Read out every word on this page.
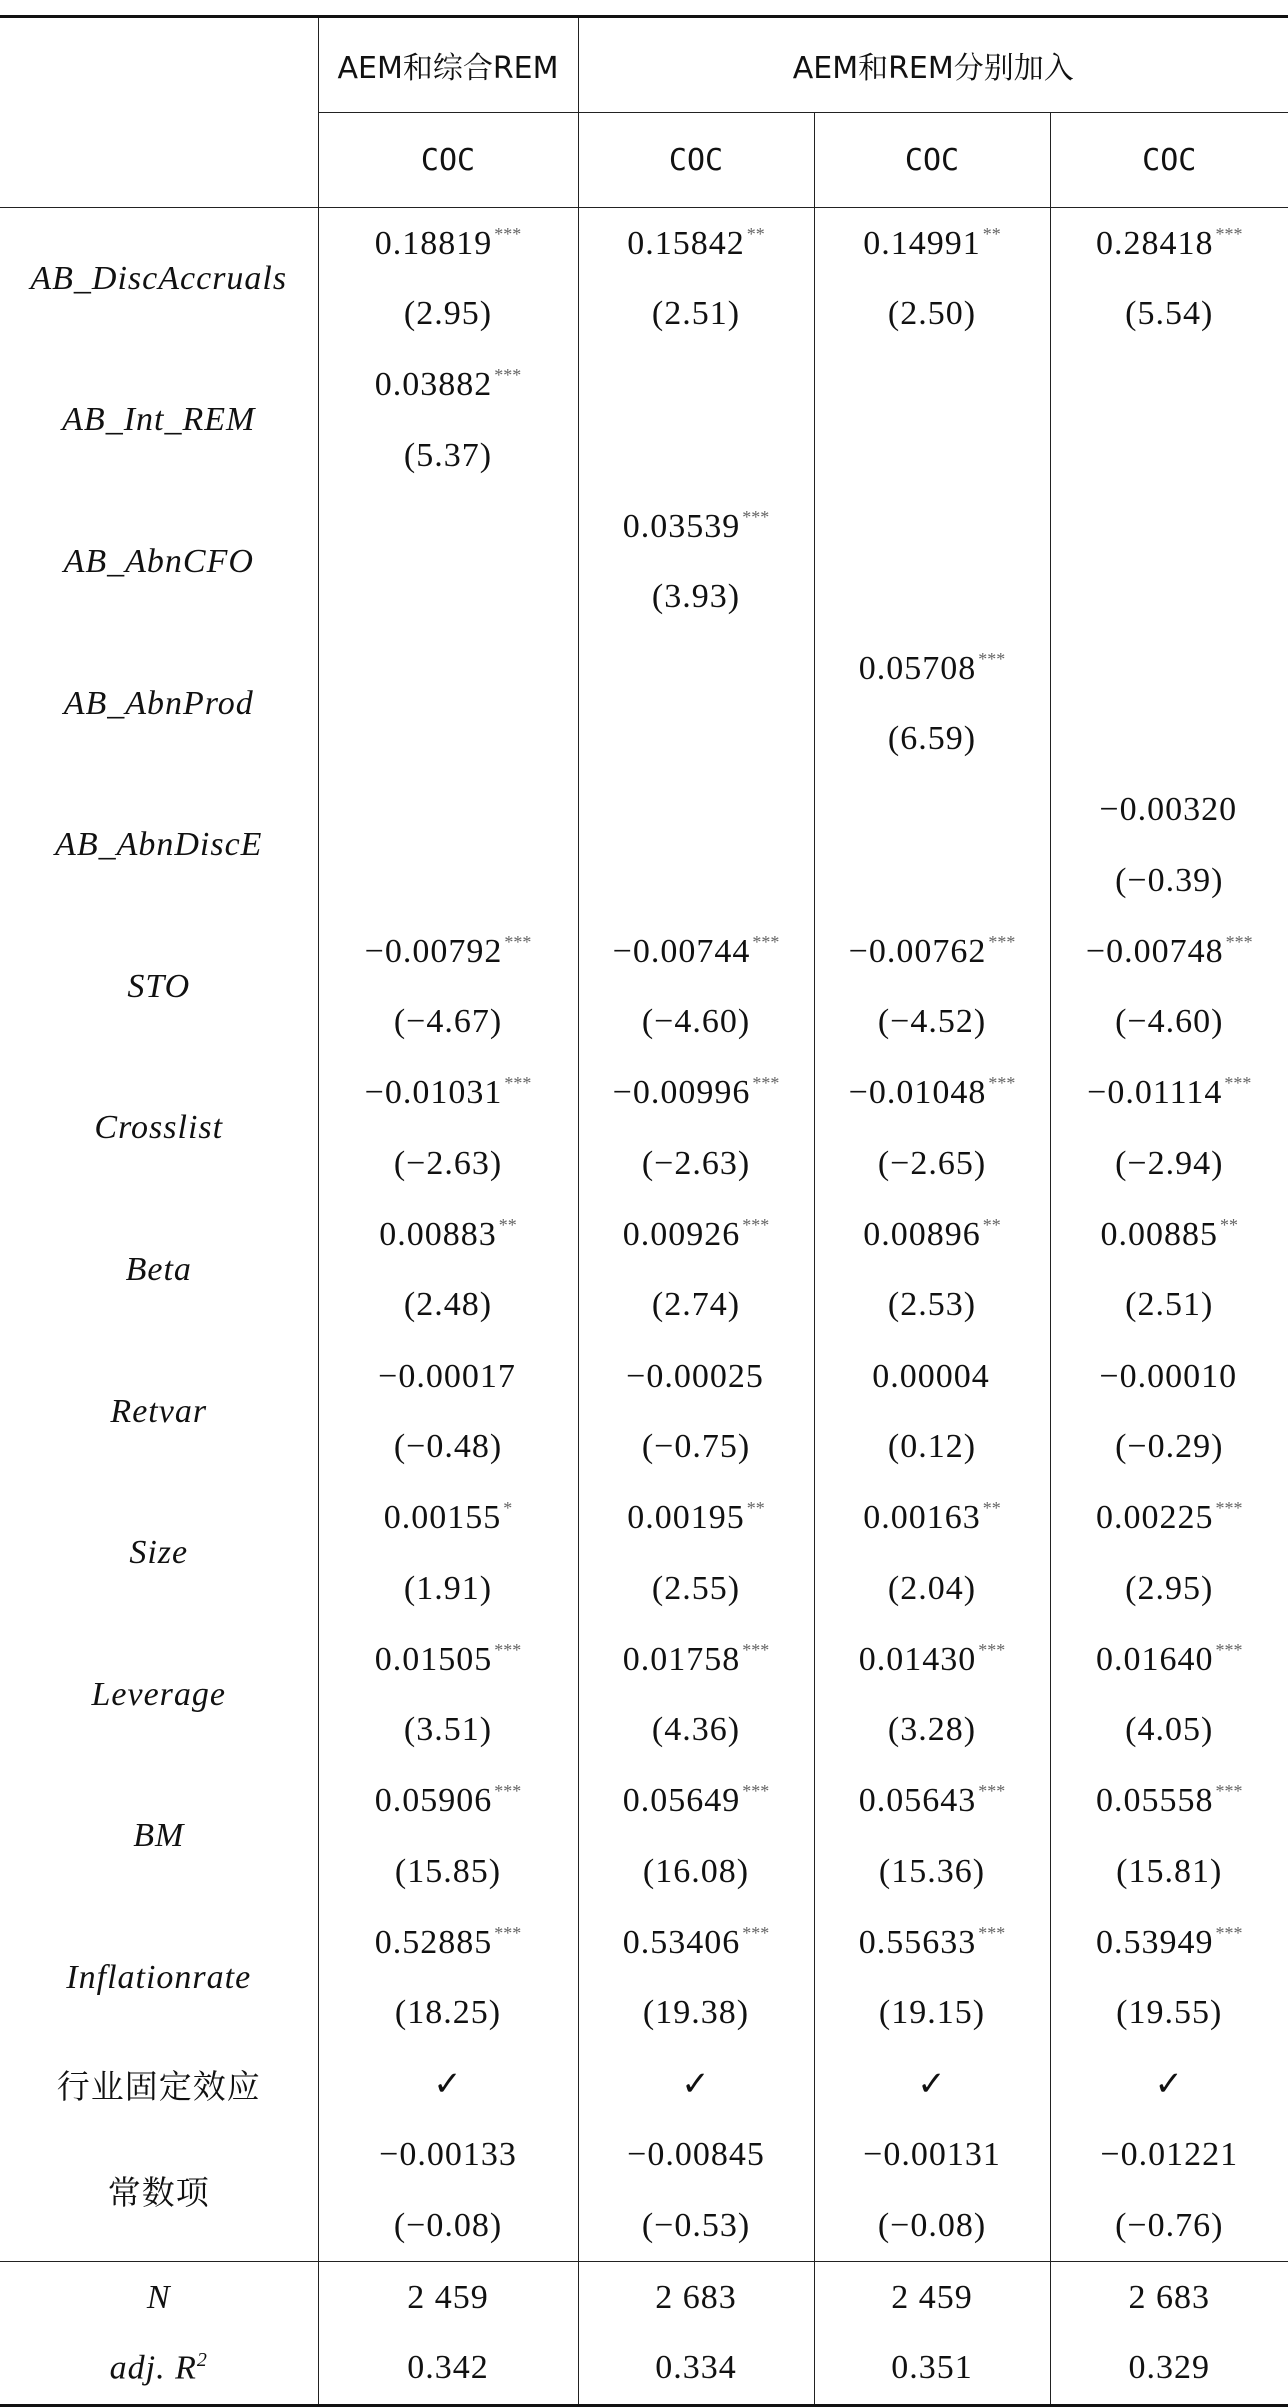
	AEM和综合REM	AEM和REM分别加入		
	COC	COC	COC	COC
AB_DiscAccruals	0.18819 ***	0.15842 **	0.14991 **	0.28418 ***
	(2.95)	(2.51)	(2.50)	(5.54)
AB_Int_REM	0.03882 ***			
	(5.37)			
AB_AbnCFO		0.03539 ***		
		(3.93)		
AB_AbnProd			0.05708 ***	
			(6.59)	
AB_AbnDiscE				−0.00320
				(−0.39)
STO	−0.00792 ***	−0.00744 ***	−0.00762 ***	−0.00748 ***
	(−4.67)	(−4.60)	(−4.52)	(−4.60)
Crosslist	−0.01031 ***	−0.00996 ***	−0.01048 ***	−0.01114 ***
	(−2.63)	(−2.63)	(−2.65)	(−2.94)
Beta	0.00883 **	0.00926 ***	0.00896 **	0.00885 **
	(2.48)	(2.74)	(2.53)	(2.51)
Retvar	−0.00017	−0.00025	0.00004	−0.00010
	(−0.48)	(−0.75)	(0.12)	(−0.29)
Size	0.00155 *	0.00195 **	0.00163 **	0.00225 ***
	(1.91)	(2.55)	(2.04)	(2.95)
Leverage	0.01505 ***	0.01758 ***	0.01430 ***	0.01640 ***
	(3.51)	(4.36)	(3.28)	(4.05)
BM	0.05906 ***	0.05649 ***	0.05643 ***	0.05558 ***
	(15.85)	(16.08)	(15.36)	(15.81)
Inflationrate	0.52885 ***	0.53406 ***	0.55633 ***	0.53949 ***
	(18.25)	(19.38)	(19.15)	(19.55)
行业固定效应	✓	✓	✓	✓
常数项	−0.00133	−0.00845	−0.00131	−0.01221
	(−0.08)	(−0.53)	(−0.08)	(−0.76)
N	2 459	2 683	2 459	2 683
adj. $R^2$	0.342	0.334	0.351	0.329
